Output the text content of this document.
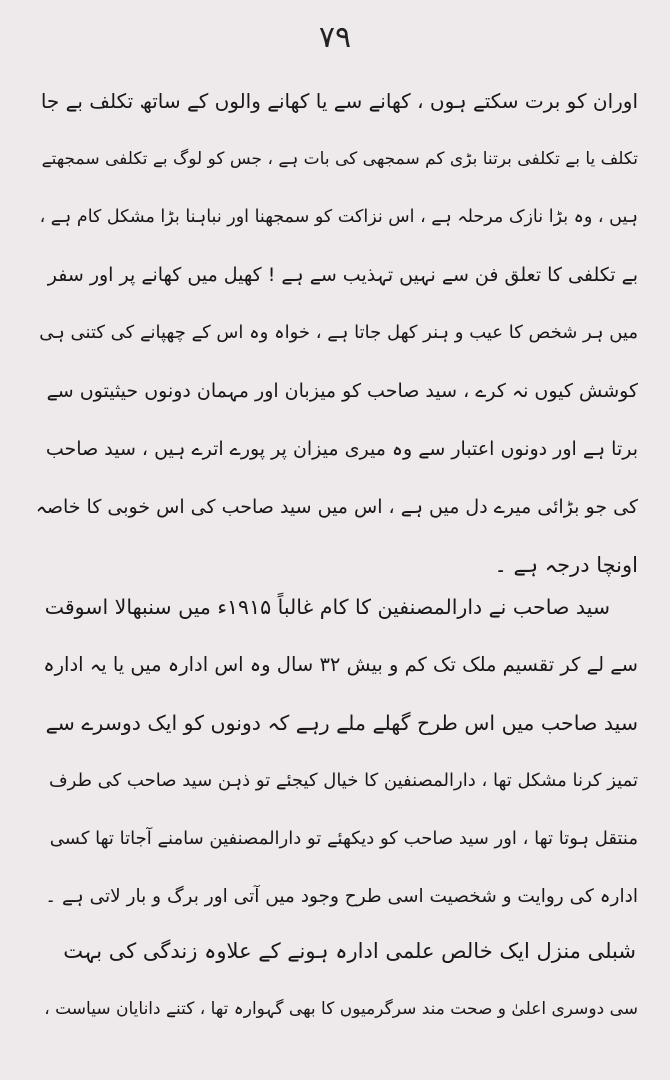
۷۹
اوران کو برت سکتے ہوں ، کھانے سے یا کھانے والوں کے ساتھ تکلف بے جا
تکلف یا بے تکلفی برتنا بڑی کم سمجھی کی بات ہے ، جس کو لوگ بے تکلفی سمجھتے
ہیں ، وہ بڑا نازک مرحلہ ہے ، اس نزاکت کو سمجھنا اور نباہنا بڑا مشکل کام ہے ،
بے تکلفی کا تعلق فن سے نہیں تہذیب سے ہے ! کھیل میں کھانے پر اور سفر
میں ہر شخص کا عیب و ہنر کھل جاتا ہے ، خواہ وہ اس کے چھپانے کی کتنی ہی
کوشش کیوں نہ کرے ، سید صاحب کو میزبان اور مہمان دونوں حیثیتوں سے
برتا ہے اور دونوں اعتبار سے وہ میری میزان پر پورے اترے ہیں ، سید صاحب
کی جو بڑائی میرے دل میں ہے ، اس میں سید صاحب کی اس خوبی کا خاصہ
اونچا درجہ ہے ۔
سید صاحب نے دارالمصنفین کا کام غالباً ۱۹۱۵ء میں سنبھالا اسوقت
سے لے کر تقسیم ملک تک کم و بیش ۳۲ سال وہ اس ادارہ میں یا یہ ادارہ
سید صاحب میں اس طرح گھلے ملے رہے کہ دونوں کو ایک دوسرے سے
تمیز کرنا مشکل تھا ، دارالمصنفین کا خیال کیجئے تو ذہن سید صاحب کی طرف
منتقل ہوتا تھا ، اور سید صاحب کو دیکھئے تو دارالمصنفین سامنے آجاتا تھا کسی
ادارہ کی روایت و شخصیت اسی طرح وجود میں آتی اور برگ و بار لاتی ہے ۔
شبلی منزل ایک خالص علمی ادارہ ہونے کے علاوہ زندگی کی بہت
سی دوسری اعلیٰ و صحت مند سرگرمیوں کا بھی گہوارہ تھا ، کتنے دانایان سیاست ،
